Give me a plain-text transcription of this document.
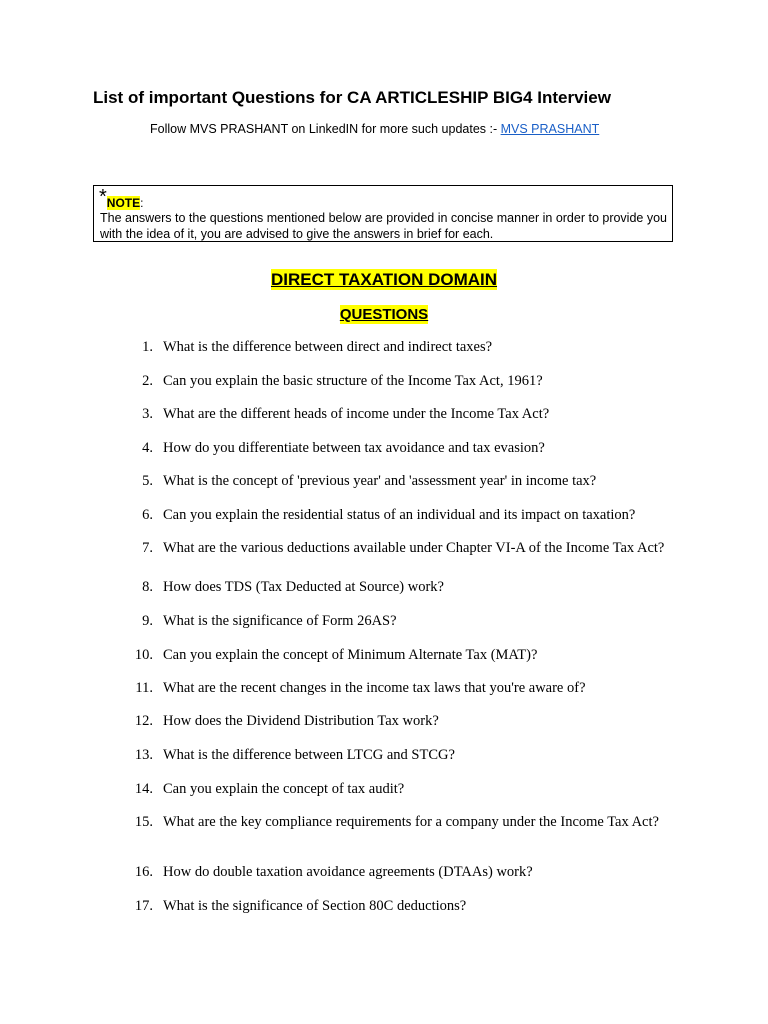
List of important Questions for CA ARTICLESHIP BIG4 Interview
Follow MVS PRASHANT on LinkedIN for more such updates :- MVS PRASHANT
$*_{NOTE:}$
The answers to the questions mentioned below are provided in concise manner in order to provide you with the idea of it, you are advised to give the answers in brief for each.
DIRECT TAXATION DOMAIN
QUESTIONS
1. What is the difference between direct and indirect taxes?
2. Can you explain the basic structure of the Income Tax Act, 1961?
3. What are the different heads of income under the Income Tax Act?
4. How do you differentiate between tax avoidance and tax evasion?
5. What is the concept of 'previous year' and 'assessment year' in income tax?
6. Can you explain the residential status of an individual and its impact on taxation?
7. What are the various deductions available under Chapter VI-A of the Income Tax Act?
8. How does TDS (Tax Deducted at Source) work?
9. What is the significance of Form 26AS?
10. Can you explain the concept of Minimum Alternate Tax (MAT)?
11. What are the recent changes in the income tax laws that you're aware of?
12. How does the Dividend Distribution Tax work?
13. What is the difference between LTCG and STCG?
14. Can you explain the concept of tax audit?
15. What are the key compliance requirements for a company under the Income Tax Act?
16. How do double taxation avoidance agreements (DTAAs) work?
17. What is the significance of Section 80C deductions?
